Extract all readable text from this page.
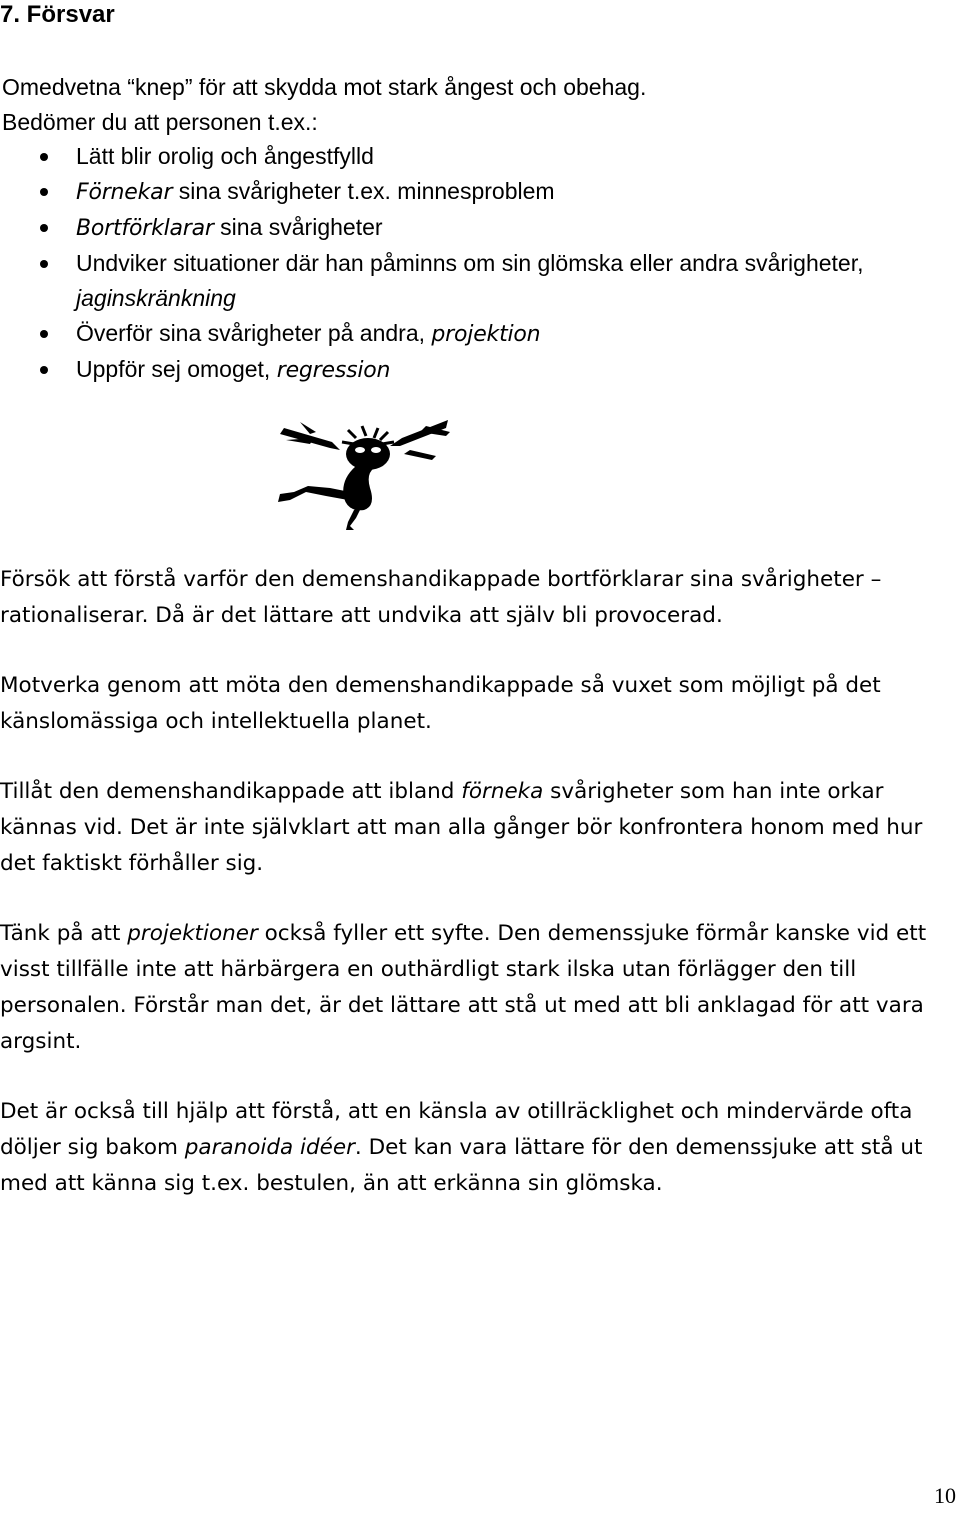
7. Försvar

Omedvetna “knep” för att skydda mot stark ångest och obehag.

Bedömer du att personen t.ex.:

Lätt blir orolig och ångestfylld
Förnekar sina svårigheter t.ex. minnesproblem
Bortförklarar sina svårigheter
Undviker situationer där han påminns om sin glömska eller andra svårigheter, jaginskränkning
Överför sina svårigheter på andra, projektion
Uppför sej omoget, regression

Försök att förstå varför den demenshandikappade bortförklarar sina svårigheter – rationaliserar. Då är det lättare att undvika att själv bli provocerad.

Motverka genom att möta den demenshandikappade så vuxet som möjligt på det känslomässiga och intellektuella planet.

Tillåt den demenshandikappade att ibland förneka svårigheter som han inte orkar kännas vid. Det är inte självklart att man alla gånger bör konfrontera honom med hur det faktiskt förhåller sig.

Tänk på att projektioner också fyller ett syfte. Den demenssjuke förmår kanske vid ett visst tillfälle inte att härbärgera en outhärdligt stark ilska utan förlägger den till personalen. Förstår man det, är det lättare att stå ut med att bli anklagad för att vara argsint.

Det är också till hjälp att förstå, att en känsla av otillräcklighet och mindervärde ofta döljer sig bakom paranoida idéer. Det kan vara lättare för den demenssjuke att stå ut med att känna sig t.ex. bestulen, än att erkänna sin glömska.

10
